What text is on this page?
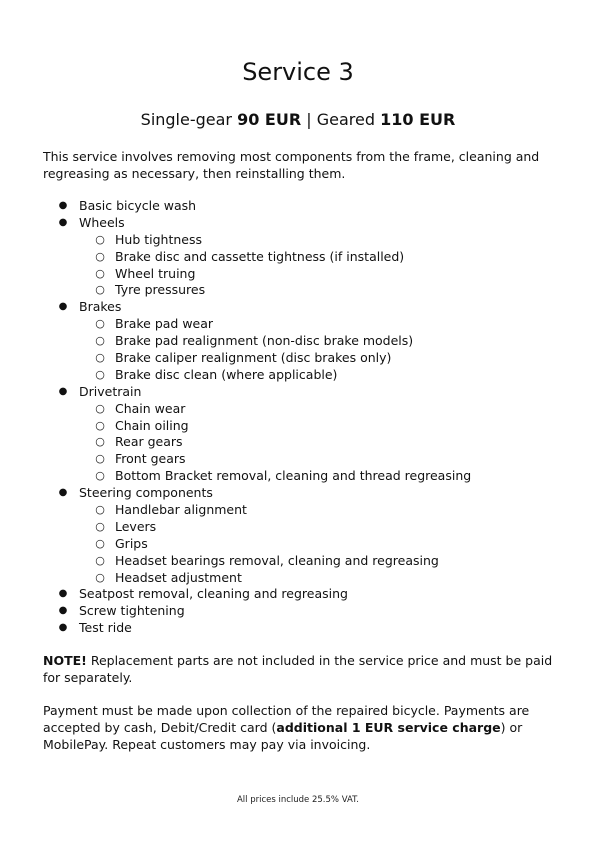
Service 3

Single-gear 90 EUR | Geared 110 EUR

This service involves removing most components from the frame, cleaning and regreasing as necessary, then reinstalling them.

● Basic bicycle wash
● Wheels
○ Hub tightness
○ Brake disc and cassette tightness (if installed)
○ Wheel truing
○ Tyre pressures
● Brakes
○ Brake pad wear
○ Brake pad realignment (non-disc brake models)
○ Brake caliper realignment (disc brakes only)
○ Brake disc clean (where applicable)
● Drivetrain
○ Chain wear
○ Chain oiling
○ Rear gears
○ Front gears
○ Bottom Bracket removal, cleaning and thread regreasing
● Steering components
○ Handlebar alignment
○ Levers
○ Grips
○ Headset bearings removal, cleaning and regreasing
○ Headset adjustment
● Seatpost removal, cleaning and regreasing
● Screw tightening
● Test ride

NOTE! Replacement parts are not included in the service price and must be paid for separately.

Payment must be made upon collection of the repaired bicycle. Payments are accepted by cash, Debit/Credit card (additional 1 EUR service charge) or MobilePay. Repeat customers may pay via invoicing.

All prices include 25.5% VAT.
